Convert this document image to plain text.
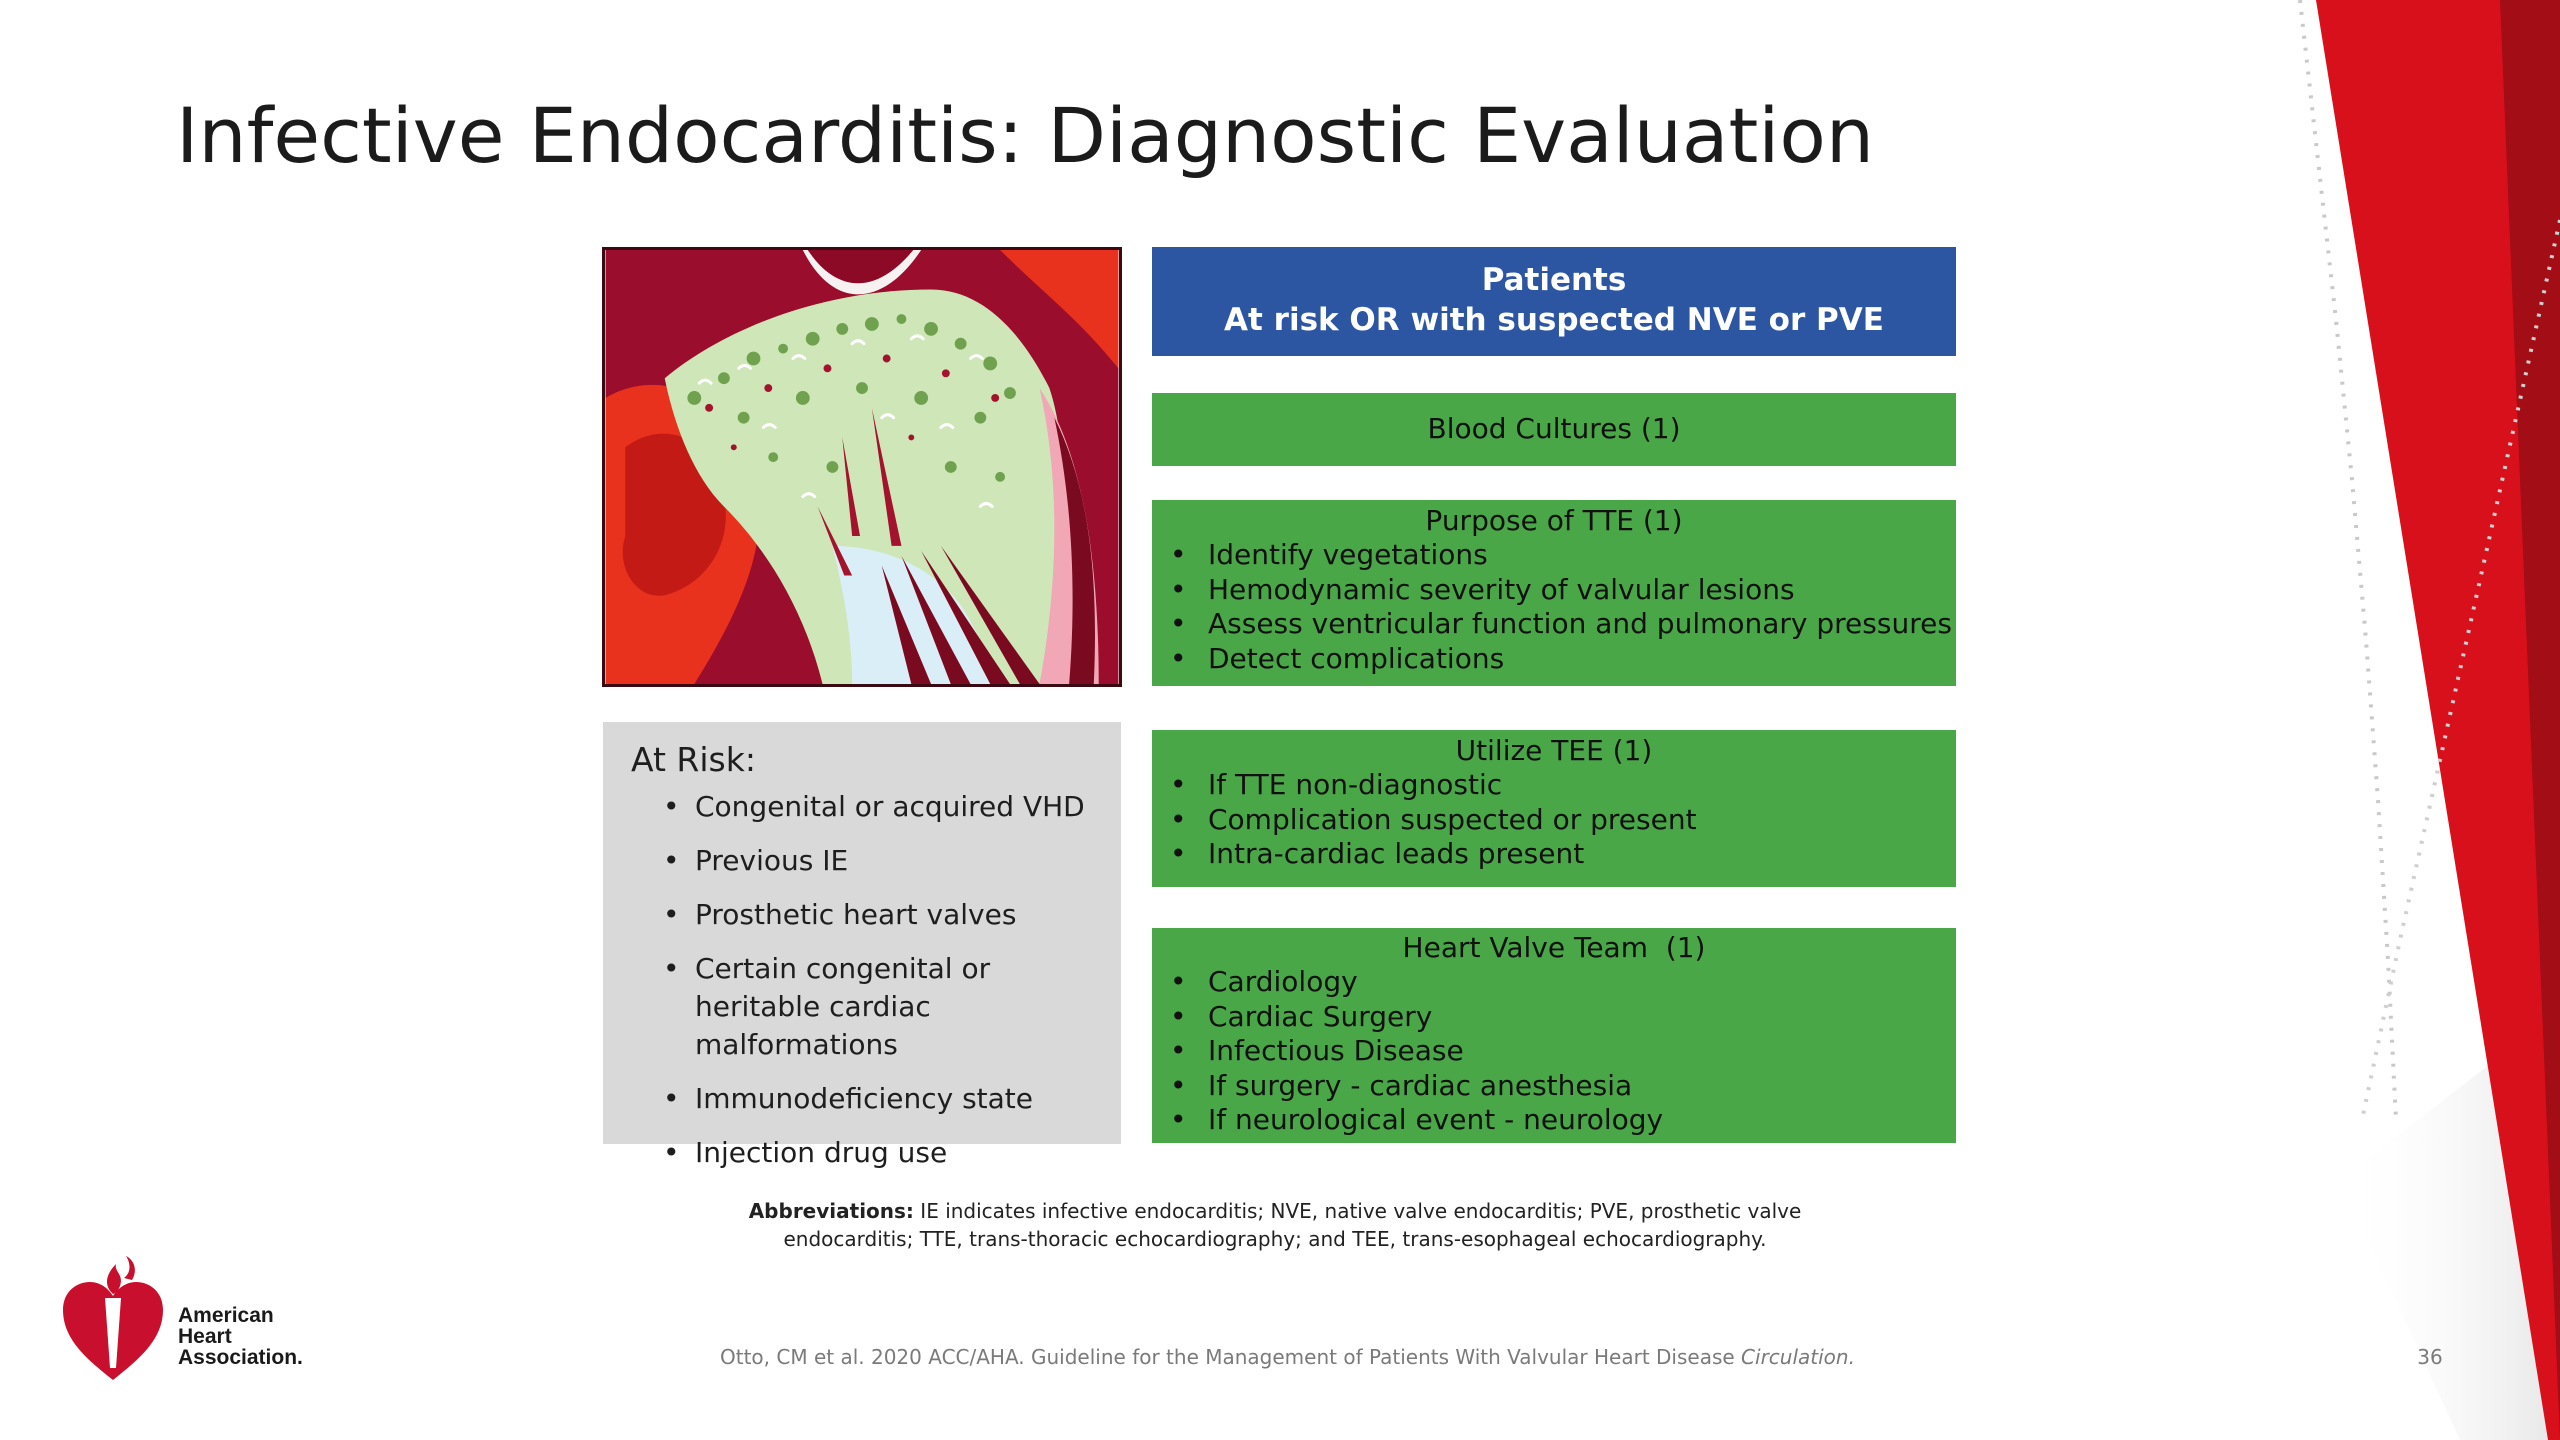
Infective Endocarditis: Diagnostic Evaluation
At Risk:
• Congenital or acquired VHD
• Previous IE
• Prosthetic heart valves
• Certain congenital or heritable cardiac malformations
• Immunodeficiency state
• Injection drug use
Patients
At risk OR with suspected NVE or PVE
Blood Cultures (1)
Purpose of TTE (1)
• Identify vegetations
• Hemodynamic severity of valvular lesions
• Assess ventricular function and pulmonary pressures
• Detect complications
Utilize TEE (1)
• If TTE non-diagnostic
• Complication suspected or present
• Intra-cardiac leads present
Heart Valve Team  (1)
• Cardiology
• Cardiac Surgery
• Infectious Disease
• If surgery - cardiac anesthesia
• If neurological event - neurology
Abbreviations: IE indicates infective endocarditis; NVE, native valve endocarditis; PVE, prosthetic valve endocarditis; TTE, trans-thoracic echocardiography; and TEE, trans-esophageal echocardiography.
Otto, CM et al. 2020 ACC/AHA. Guideline for the Management of Patients With Valvular Heart Disease Circulation.	36
American
Heart
Association.
